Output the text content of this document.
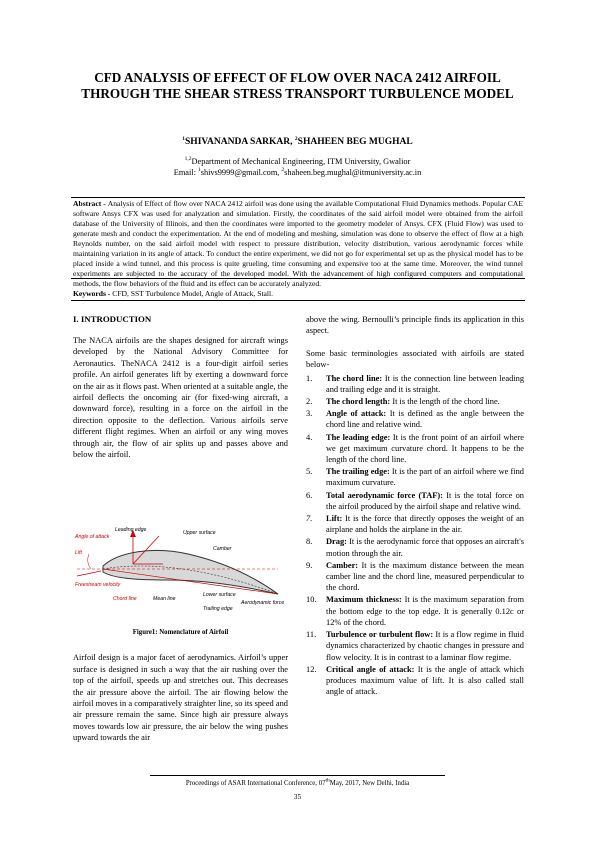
CFD ANALYSIS OF EFFECT OF FLOW OVER NACA 2412 AIRFOIL THROUGH THE SHEAR STRESS TRANSPORT TURBULENCE MODEL
$^1$SHIVANANDA SARKAR, $^2$SHAHEEN BEG MUGHAL
$^{1,2}$Department of Mechanical Engineering, ITM University, Gwalior
Email: $^1$shivs9999@gmail.com, $^2$shaheen.beg.mughal@itmuniversity.ac.in
Abstract - Analysis of Effect of flow over NACA 2412 airfoil was done using the available Computational Fluid Dynamics methods. Popular CAE software Ansys CFX was used for analyzation and simulation. Firstly, the coordinates of the said airfoil model were obtained from the airfoil database of the University of Illinois, and then the coordinates were imported to the geometry modeler of Ansys. CFX (Fluid Flow) was used to generate mesh and conduct the experimentation. At the end of modeling and meshing, simulation was done to observe the effect of flow at a high Reynolds number, on the said airfoil model with respect to pressure distribution, velocity distribution, various aerodynamic forces while maintaining variation in its angle of attack. To conduct the entire experiment, we did not go for experimental set up as the physical model has to be placed inside a wind tunnel, and this process is quite grueling, time consuming and expensive too at the same time. Moreover, the wind tunnel experiments are subjected to the accuracy of the developed model. With the advancement of high configured computers and computational methods, the flow behaviors of the fluid and its effect can be accurately analyzed.
Keywords - CFD, SST Turbulence Model, Angle of Attack, Stall.
I. INTRODUCTION

The NACA airfoils are the shapes designed for aircraft wings developed by the National Advisory Committee for Aeronautics. TheNACA 2412 is a four-digit airfoil series profile. An airfoil generates lift by exerting a downward force on the air as it flows past. When oriented at a suitable angle, the airfoil deflects the oncoming air (for fixed-wing aircraft, a downward force), resulting in a force on the airfoil in the direction opposite to the deflection. Various airfoils serve different flight regimes. When an airfoil or any wing moves through air, the flow of air splits up and passes above and below the airfoil.

Angle of attack
Leading edge	Upper surface
Camber
Lift
Freestream velocity
Chord line	Mean line
Lower surface
Trailing edge
Aerodynamic force
Figure1: Nomenclature of Airfoil

Airfoil design is a major facet of aerodynamics. Airfoil’s upper surface is designed in such a way that the air rushing over the top of the airfoil, speeds up and stretches out. This decreases the air pressure above the airfoil. The air flowing below the airfoil moves in a comparatively straighter line, so its speed and air pressure remain the same. Since high air pressure always moves towards low air pressure, the air below the wing pushes upward towards the air

above the wing. Bernoulli’s principle finds its application in this aspect.

Some basic terminologies associated with airfoils are stated below-

1. The chord line: It is the connection line between leading and trailing edge and it is straight.
2. The chord length: It is the length of the chord line.
3. Angle of attack: It is defined as the angle between the chord line and relative wind.
4. The leading edge: It is the front point of an airfoil where we get maximum curvature chord. It happens to be the length of the chord line.
5. The trailing edge: It is the part of an airfoil where we find maximum curvature.
6. Total aerodynamic force (TAF): It is the total force on the airfoil produced by the airfoil shape and relative wind.
7. Lift: It is the force that directly opposes the weight of an airplane and holds the airplane in the air.
8. Drag: It is the aerodynamic force that opposes an aircraft's motion through the air.
9. Camber: It is the maximum distance between the mean camber line and the chord line, measured perpendicular to the chord.
10. Maximum thickness: It is the maximum separation from the bottom edge to the top edge. It is generally 0.12c or 12% of the chord.
11. Turbulence or turbulent flow: It is a flow regime in fluid dynamics characterized by chaotic changes in pressure and flow velocity. It is in contrast to a laminar flow regime.
12. Critical angle of attack: It is the angle of attack which produces maximum value of lift. It is also called stall angle of attack.
Proceedings of ASAR International Conference, 07thMay, 2017, New Delhi, India
35
